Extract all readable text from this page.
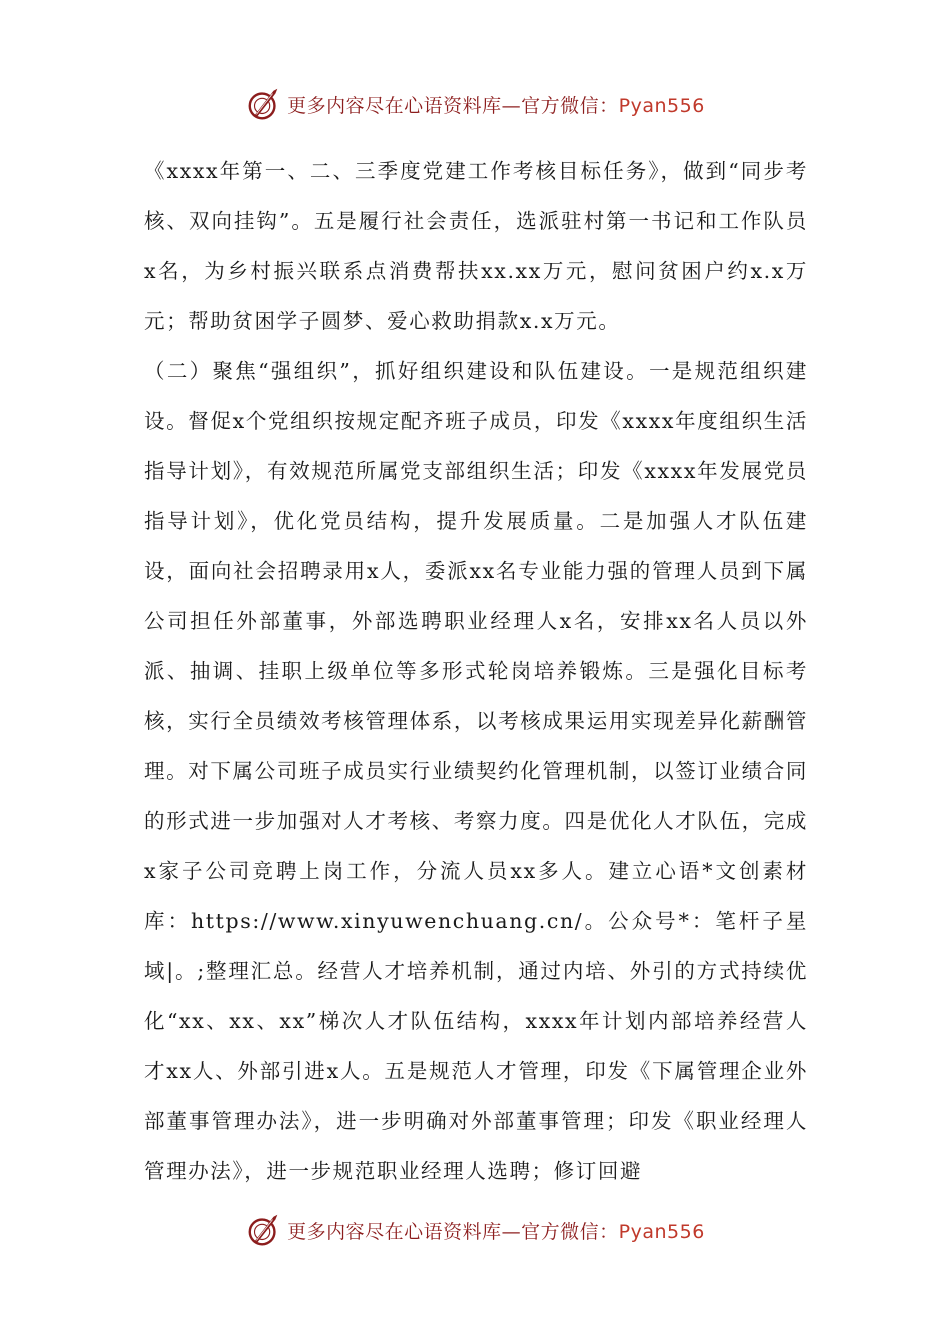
更多内容尽在心语资料库—官方微信：Pyan556

《xxxx年第一、二、三季度党建工作考核目标任务》，做到“同步考核、双向挂钩”。五是履行社会责任，选派驻村第一书记和工作队员x名，为乡村振兴联系点消费帮扶xx.xx万元，慰问贫困户约x.x万元；帮助贫困学子圆梦、爱心救助捐款x.x万元。

（二）聚焦“强组织”，抓好组织建设和队伍建设。一是规范组织建设。督促x个党组织按规定配齐班子成员，印发《xxxx年度组织生活指导计划》，有效规范所属党支部组织生活；印发《xxxx年发展党员指导计划》，优化党员结构，提升发展质量。二是加强人才队伍建设，面向社会招聘录用x人，委派xx名专业能力强的管理人员到下属公司担任外部董事，外部选聘职业经理人x名，安排xx名人员以外派、抽调、挂职上级单位等多形式轮岗培养锻炼。三是强化目标考核，实行全员绩效考核管理体系，以考核成果运用实现差异化薪酬管理。对下属公司班子成员实行业绩契约化管理机制，以签订业绩合同的形式进一步加强对人才考核、考察力度。四是优化人才队伍，完成x家子公司竞聘上岗工作，分流人员xx多人。建立心语*文创素材库：https://www.xinyuwenchuang.cn/。公众号*：笔杆子星域|。;整理汇总。经营人才培养机制，通过内培、外引的方式持续优化“xx、xx、xx”梯次人才队伍结构，xxxx年计划内部培养经营人才xx人、外部引进x人。五是规范人才管理，印发《下属管理企业外部董事管理办法》，进一步明确对外部董事管理；印发《职业经理人管理办法》，进一步规范职业经理人选聘；修订回避

更多内容尽在心语资料库—官方微信：Pyan556
